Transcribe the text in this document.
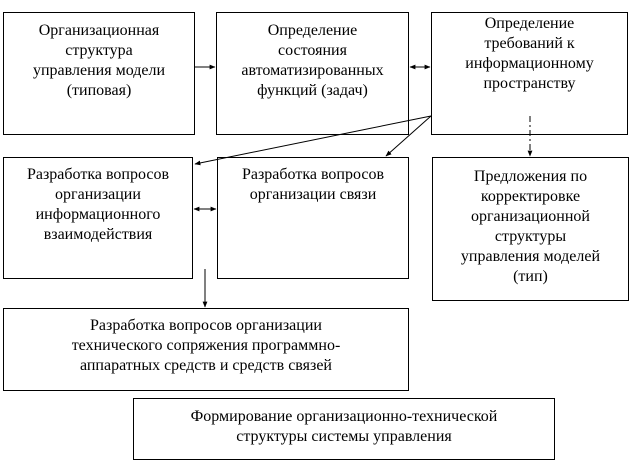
Организационная
структура
управления модели
(типовая)
Определение
состояния
автоматизированных
функций (задач)
Определение
требований к
информационному
пространству
Разработка вопросов
организации
информационного
взаимодействия
Разработка вопросов
организации связи
Предложения по
корректировке
организационной
структуры
управления моделей
(тип)
Разработка вопросов организации
технического сопряжения программно-
аппаратных средств и средств связей
Формирование организационно-технической
структуры системы управления
